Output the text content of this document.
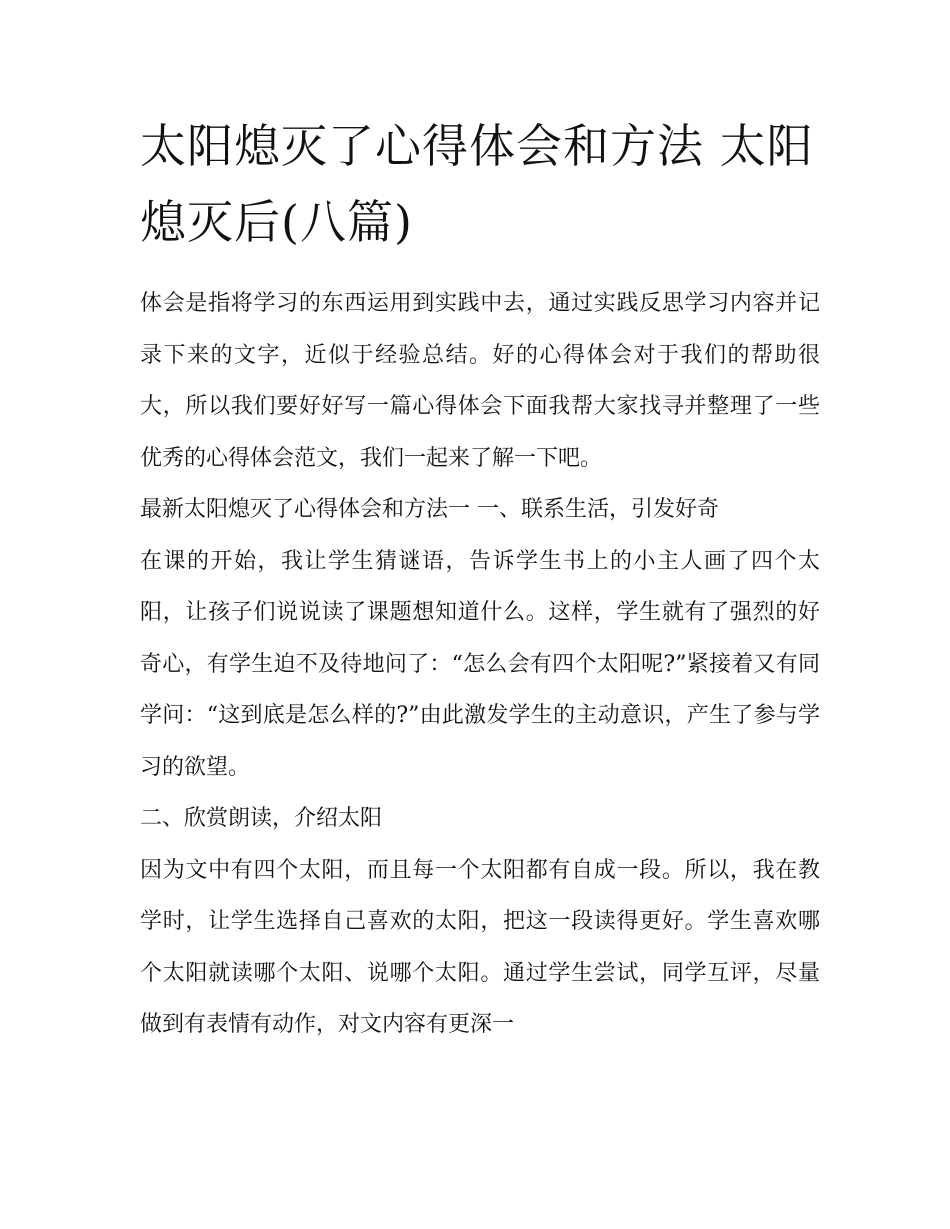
太阳熄灭了心得体会和方法 太阳熄灭后(八篇)

体会是指将学习的东西运用到实践中去，通过实践反思学习内容并记录下来的文字，近似于经验总结。好的心得体会对于我们的帮助很大，所以我们要好好写一篇心得体会下面我帮大家找寻并整理了一些优秀的心得体会范文，我们一起来了解一下吧。

最新太阳熄灭了心得体会和方法一 一、联系生活，引发好奇

在课的开始，我让学生猜谜语，告诉学生书上的小主人画了四个太阳，让孩子们说说读了课题想知道什么。这样，学生就有了强烈的好奇心，有学生迫不及待地问了：“怎么会有四个太阳呢?”紧接着又有同学问：“这到底是怎么样的?”由此激发学生的主动意识，产生了参与学习的欲望。

二、欣赏朗读，介绍太阳

因为文中有四个太阳，而且每一个太阳都有自成一段。所以，我在教学时，让学生选择自己喜欢的太阳，把这一段读得更好。学生喜欢哪个太阳就读哪个太阳、说哪个太阳。通过学生尝试，同学互评，尽量做到有表情有动作，对文内容有更深一
